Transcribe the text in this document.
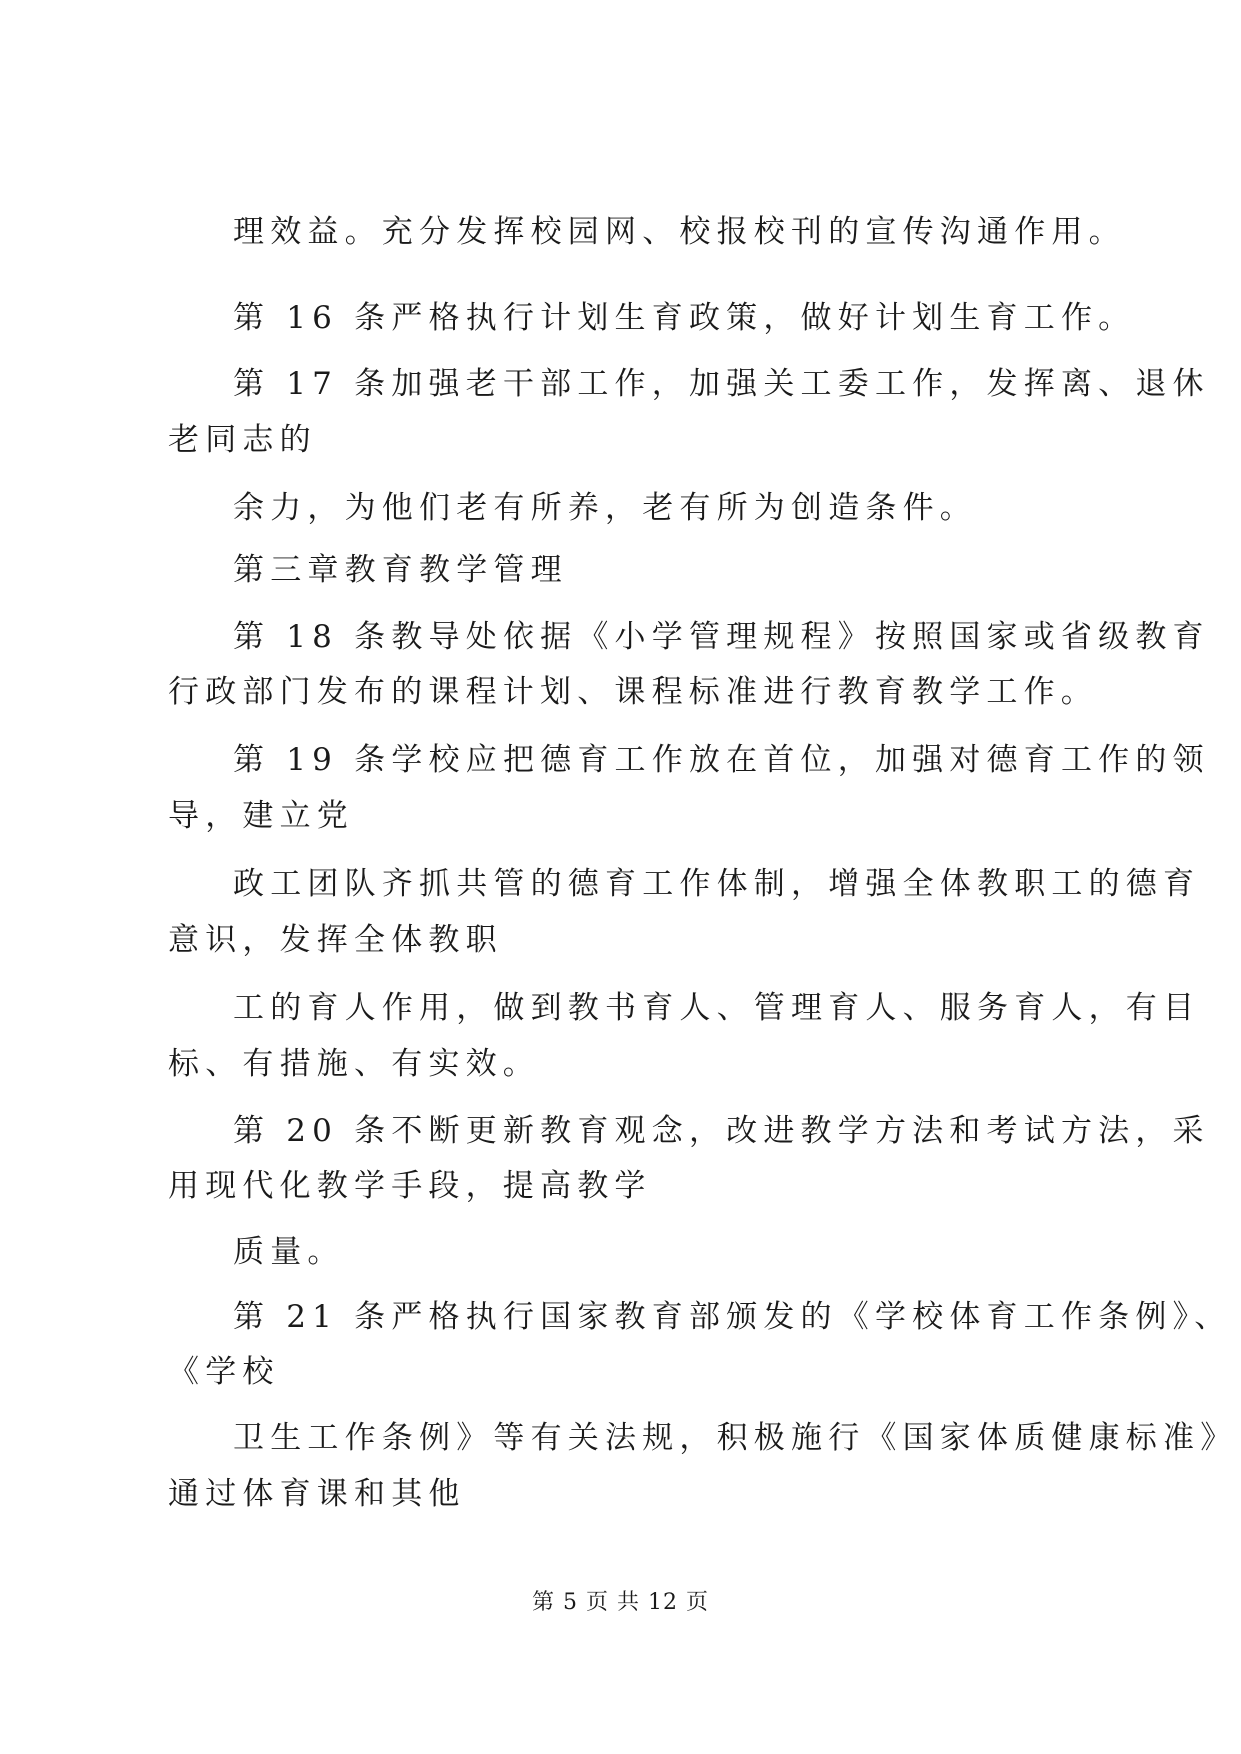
理效益。充分发挥校园网、校报校刊的宣传沟通作用。
第 16 条严格执行计划生育政策，做好计划生育工作。
第 17 条加强老干部工作，加强关工委工作，发挥离、退休
老同志的
余力，为他们老有所养，老有所为创造条件。
第三章教育教学管理
第 18 条教导处依据《小学管理规程》按照国家或省级教育
行政部门发布的课程计划、课程标准进行教育教学工作。
第 19 条学校应把德育工作放在首位，加强对德育工作的领
导，建立党
政工团队齐抓共管的德育工作体制，增强全体教职工的德育
意识，发挥全体教职
工的育人作用，做到教书育人、管理育人、服务育人，有目
标、有措施、有实效。
第 20 条不断更新教育观念，改进教学方法和考试方法，采
用现代化教学手段，提高教学
质量。
第 21 条严格执行国家教育部颁发的《学校体育工作条例》、
《学校
卫生工作条例》等有关法规，积极施行《国家体质健康标准》
通过体育课和其他
第 5 页 共 12 页
